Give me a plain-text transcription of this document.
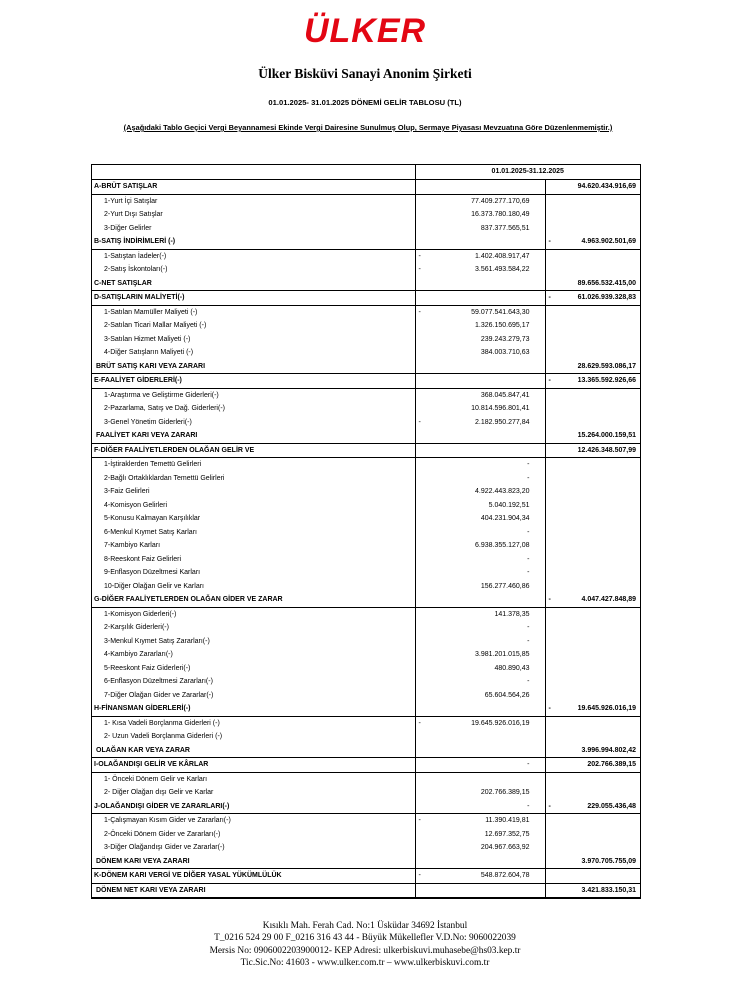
ÜLKER
Ülker Bisküvi Sanayi Anonim Şirketi
01.01.2025- 31.01.2025 DÖNEMİ GELİR TABLOSU (TL)
(Aşağıdaki Tablo Geçici Vergi Beyannamesi Ekinde Vergi Dairesine Sunulmuş Olup, Sermaye Piyasası Mevzuatına Göre Düzenlenmemiştir.)
	01.01.2025-31.12.2025	
A-BRÜT SATIŞLAR		94.620.434.916,69
1-Yurt İçi Satışlar	77.409.277.170,69	

2-Yurt Dışı Satışlar	16.373.780.180,49	

3-Diğer Gelirler	837.377.565,51	

B-SATIŞ İNDİRİMLERİ (-)		- 4.963.902.501,69
1-Satıştan İadeler(-)	- 1.402.408.917,47	

2-Satış İskontoları(-)	- 3.561.493.584,22	

C-NET SATIŞLAR		89.656.532.415,00
D-SATIŞLARIN MALİYETİ(-)		- 61.026.939.328,83
1-Satılan Mamüller Maliyeti (-)	- 59.077.541.643,30	

2-Satılan Ticari Mallar Maliyeti (-)	1.326.150.695,17	

3-Satılan Hizmet Maliyeti (-)	239.243.279,73	

4-Diğer Satışların Maliyeti (-)	384.003.710,63	

BRÜT SATIŞ KARI VEYA ZARARI		28.629.593.086,17
E-FAALİYET GİDERLERİ(-)		- 13.365.592.926,66
1-Araştırma ve Geliştirme Giderleri(-)	368.045.847,41	

2-Pazarlama, Satış ve Dağ. Giderleri(-)	10.814.596.801,41	

3-Genel Yönetim Giderleri(-)	- 2.182.950.277,84	

FAALİYET KARI VEYA ZARARI		15.264.000.159,51
F-DİĞER FAALİYETLERDEN OLAĞAN GELİR VE		12.426.348.507,99
1-İştiraklerden Temettü Gelirleri	-	

2-Bağlı Ortaklıklardan Temettü Gelirleri	-	

3-Faiz Gelirleri	4.922.443.823,20	

4-Komisyon Gelirleri	5.040.192,51	

5-Konusu Kalmayan Karşılıklar	404.231.904,34	

6-Menkul Kıymet Satış Karları	-	

7-Kambiyo Karları	6.938.355.127,08	

8-Reeskont Faiz Gelirleri	-	

9-Enflasyon Düzeltmesi Karları	-	

10-Diğer Olağan Gelir ve Karları	156.277.460,86	

G-DİĞER FAALİYETLERDEN OLAĞAN GİDER VE ZARAR		- 4.047.427.848,89
1-Komisyon Giderleri(-)	141.378,35	

2-Karşılık Giderleri(-)	-	

3-Menkul Kıymet Satış Zararları(-)	-	

4-Kambiyo Zararları(-)	3.981.201.015,85	

5-Reeskont Faiz Giderleri(-)	480.890,43	

6-Enflasyon Düzeltmesi Zararları(-)	-	

7-Diğer Olağan Gider ve Zararlar(-)	65.604.564,26	

H-FİNANSMAN GİDERLERİ(-)		- 19.645.926.016,19
1- Kısa Vadeli Borçlanma Giderleri (-)	- 19.645.926.016,19	

2- Uzun Vadeli Borçlanma Giderleri (-)	

OLAĞAN KAR VEYA ZARAR		3.996.994.802,42
I-OLAĞANDIŞI GELİR VE KÂRLAR	-	202.766.389,15
1- Önceki Dönem Gelir ve Karları	

2- Diğer Olağan dışı Gelir ve Karlar	202.766.389,15	

J-OLAĞANDIŞI GİDER VE ZARARLARI(-)	-	- 229.055.436,48
1-Çalışmayan Kısım Gider ve Zararları(-)	- 11.390.419,81	

2-Önceki Dönem Gider ve Zararları(-)	12.697.352,75	

3-Diğer Olağandışı Gider ve Zararlar(-)	204.967.663,92	

DÖNEM KARI VEYA ZARARI		3.970.705.755,09
K-DÖNEM KARI VERGİ VE DİĞER YASAL YÜKÜMLÜLÜK	- 548.872.604,78	

DÖNEM NET KARI VEYA ZARARI		3.421.833.150,31
Kısıklı Mah. Ferah Cad. No:1 Üsküdar 34692 İstanbul
T_0216 524 29 00 F_0216 316 43 44 - Büyük Mükellefler V.D.No: 9060022039
Mersis No: 0906002203900012- KEP Adresi: ulkerbiskuvi.muhasebe@hs03.kep.tr
Tic.Sic.No: 41603 - www.ulker.com.tr – www.ulkerbiskuvi.com.tr
